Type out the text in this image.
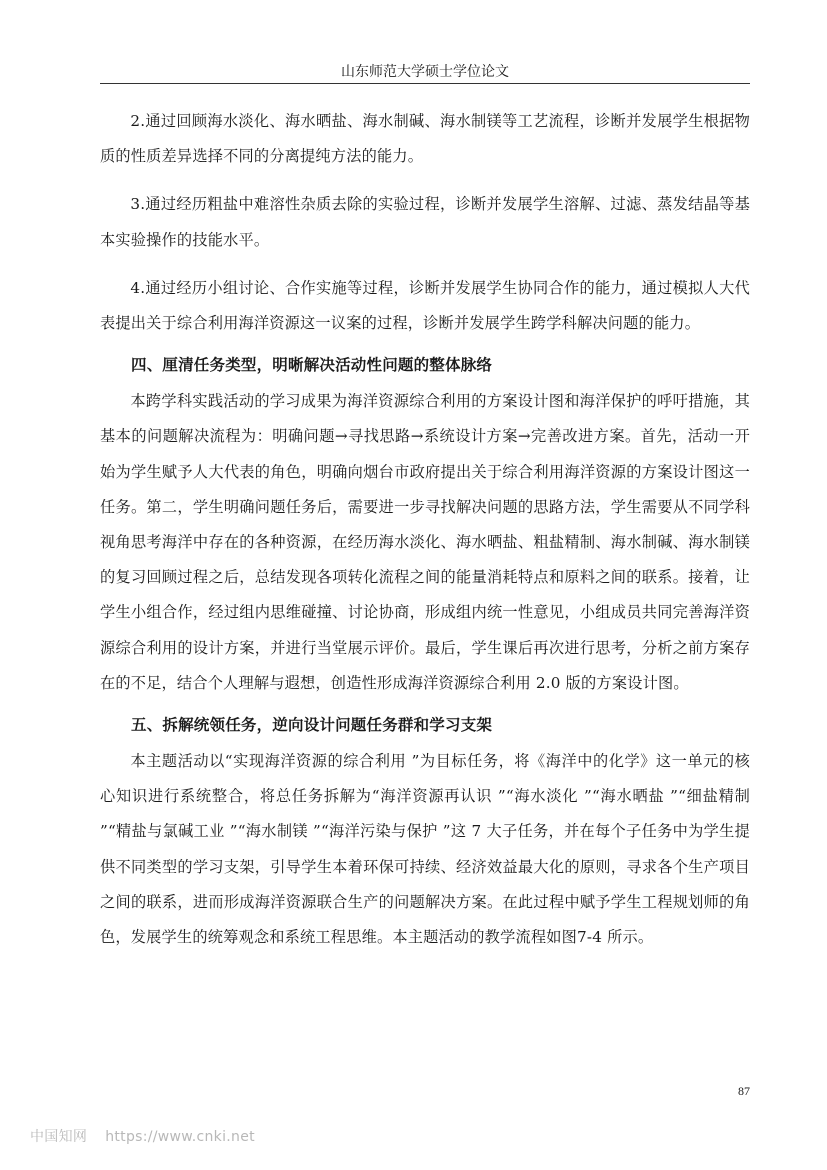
山东师范大学硕士学位论文

2.通过回顾海水淡化、海水晒盐、海水制碱、海水制镁等工艺流程，诊断并发展学生根据物质的性质差异选择不同的分离提纯方法的能力。

3.通过经历粗盐中难溶性杂质去除的实验过程，诊断并发展学生溶解、过滤、蒸发结晶等基本实验操作的技能水平。

4.通过经历小组讨论、合作实施等过程，诊断并发展学生协同合作的能力，通过模拟人大代表提出关于综合利用海洋资源这一议案的过程，诊断并发展学生跨学科解决问题的能力。

四、厘清任务类型，明晰解决活动性问题的整体脉络

本跨学科实践活动的学习成果为海洋资源综合利用的方案设计图和海洋保护的呼吁措施，其基本的问题解决流程为：明确问题→寻找思路→系统设计方案→完善改进方案。首先，活动一开始为学生赋予人大代表的角色，明确向烟台市政府提出关于综合利用海洋资源的方案设计图这一任务。第二，学生明确问题任务后，需要进一步寻找解决问题的思路方法，学生需要从不同学科视角思考海洋中存在的各种资源，在经历海水淡化、海水晒盐、粗盐精制、海水制碱、海水制镁的复习回顾过程之后，总结发现各项转化流程之间的能量消耗特点和原料之间的联系。接着，让学生小组合作，经过组内思维碰撞、讨论协商，形成组内统一性意见，小组成员共同完善海洋资源综合利用的设计方案，并进行当堂展示评价。最后，学生课后再次进行思考，分析之前方案存在的不足，结合个人理解与遐想，创造性形成海洋资源综合利用 2.0 版的方案设计图。

五、拆解统领任务，逆向设计问题任务群和学习支架

本主题活动以“实现海洋资源的综合利用 ”为目标任务，将《海洋中的化学》这一单元的核心知识进行系统整合，将总任务拆解为“海洋资源再认识 ”“海水淡化 ”“海水晒盐 ”“细盐精制 ”“精盐与氯碱工业 ”“海水制镁 ”“海洋污染与保护 ”这 7 大子任务，并在每个子任务中为学生提供不同类型的学习支架，引导学生本着环保可持续、经济效益最大化的原则，寻求各个生产项目之间的联系，进而形成海洋资源联合生产的问题解决方案。在此过程中赋予学生工程规划师的角色，发展学生的统筹观念和系统工程思维。本主题活动的教学流程如图7-4 所示。

87
中国知网 https://www.cnki.net
